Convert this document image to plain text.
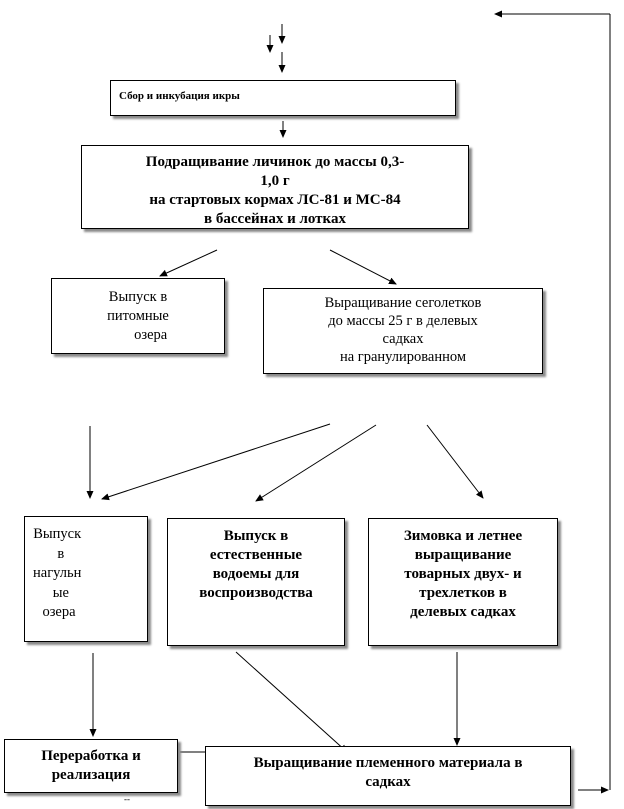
Сбор и инкубация икры
Подращивание личинок до массы 0,3-
1,0 г
на стартовых кормах ЛС-81 и МС-84
в бассейнах и лотках
Выпуск в
питомные
озера
Выращивание сеголетков
до массы 25 г в делевых
садках
на гранулированном
Выпуск
в
нагульн
ые
озера
Выпуск в
естественные
водоемы для
воспроизводства
Зимовка и летнее
выращивание
товарных двух- и
трехлетков в
делевых садках
Переработка и
реализация
Выращивание племенного материала в
садках
--
